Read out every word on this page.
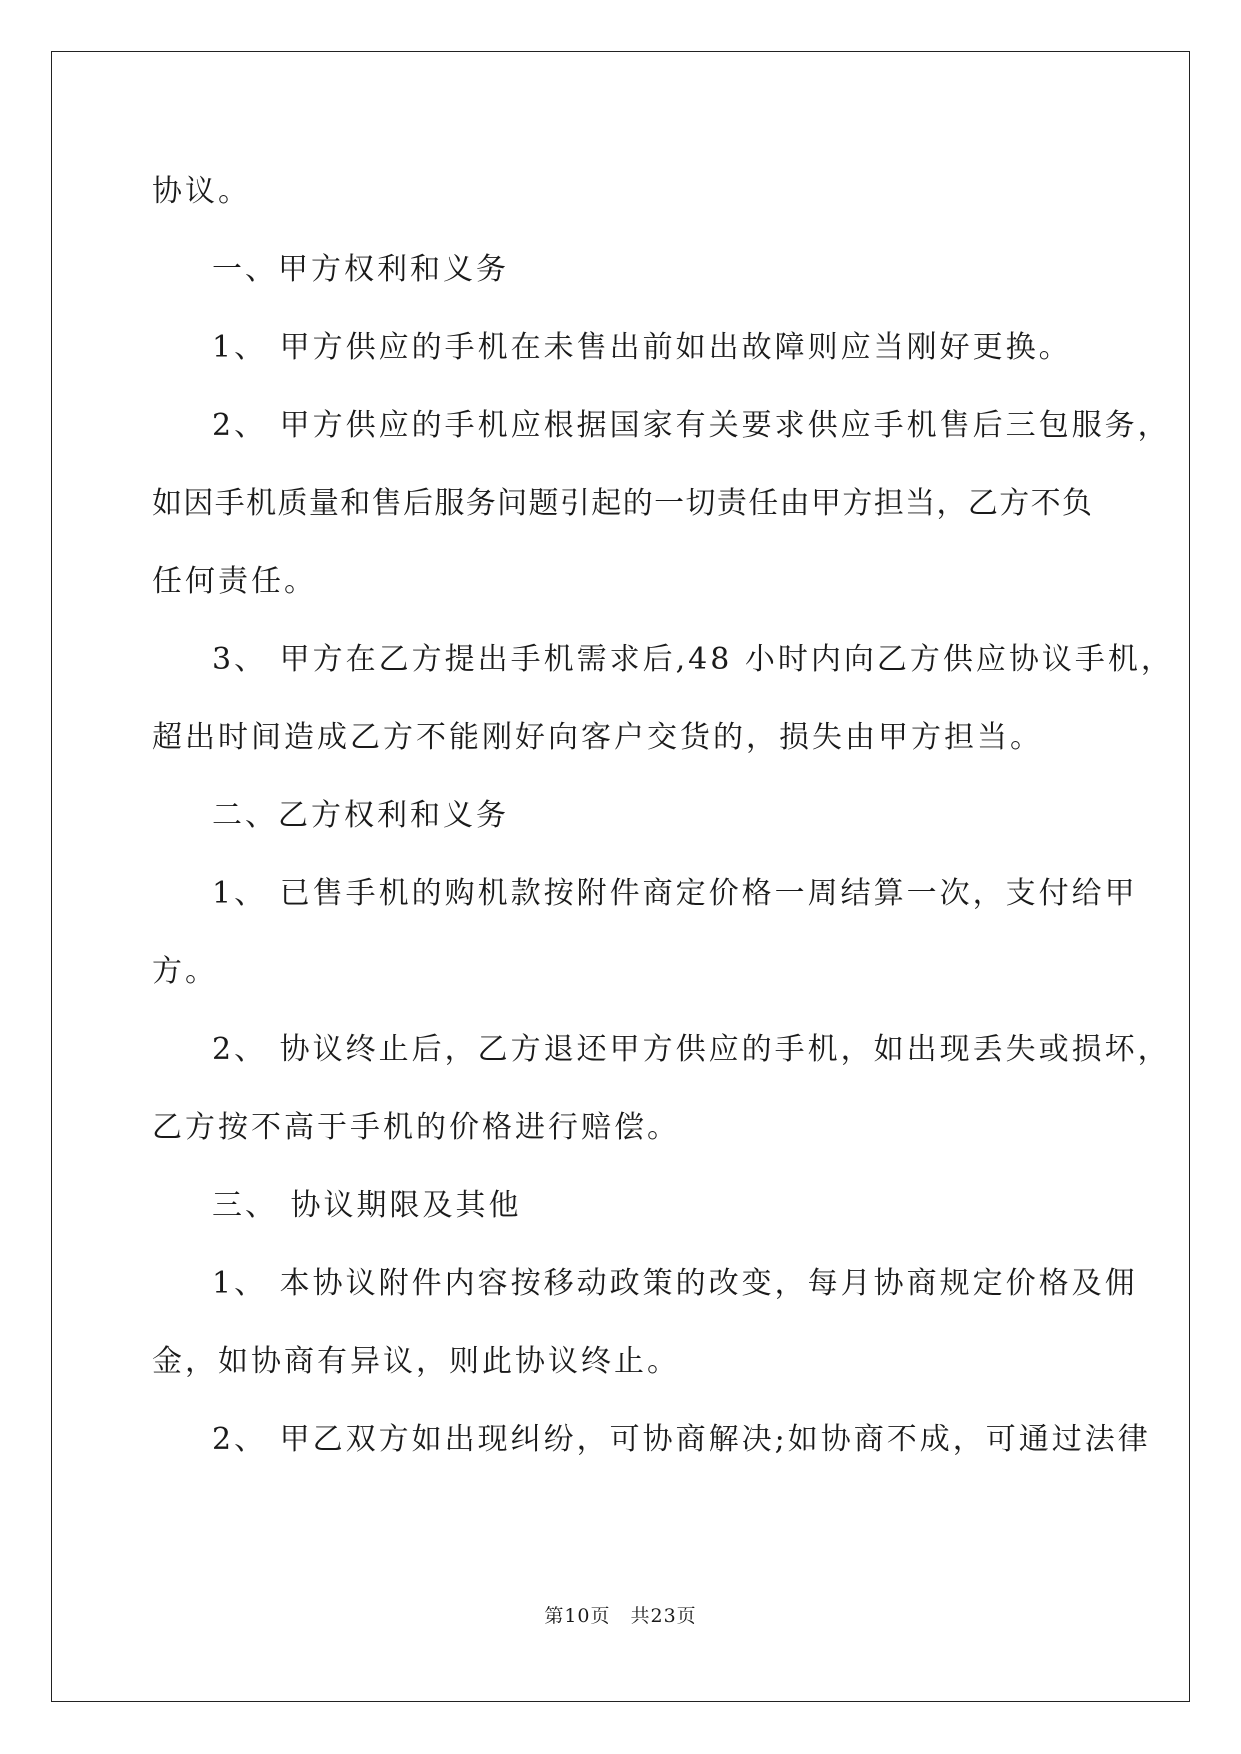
协议。
一、甲方权利和义务
1、 甲方供应的手机在未售出前如出故障则应当刚好更换。
2、 甲方供应的手机应根据国家有关要求供应手机售后三包服务，
如因手机质量和售后服务问题引起的一切责任由甲方担当，乙方不负
任何责任。
3、 甲方在乙方提出手机需求后,48 小时内向乙方供应协议手机，
超出时间造成乙方不能刚好向客户交货的，损失由甲方担当。
二、乙方权利和义务
1、 已售手机的购机款按附件商定价格一周结算一次，支付给甲
方。
2、 协议终止后，乙方退还甲方供应的手机，如出现丢失或损坏，
乙方按不高于手机的价格进行赔偿。
三、 协议期限及其他
1、 本协议附件内容按移动政策的改变，每月协商规定价格及佣
金，如协商有异议，则此协议终止。
2、 甲乙双方如出现纠纷，可协商解决;如协商不成，可通过法律
第10页　共23页
